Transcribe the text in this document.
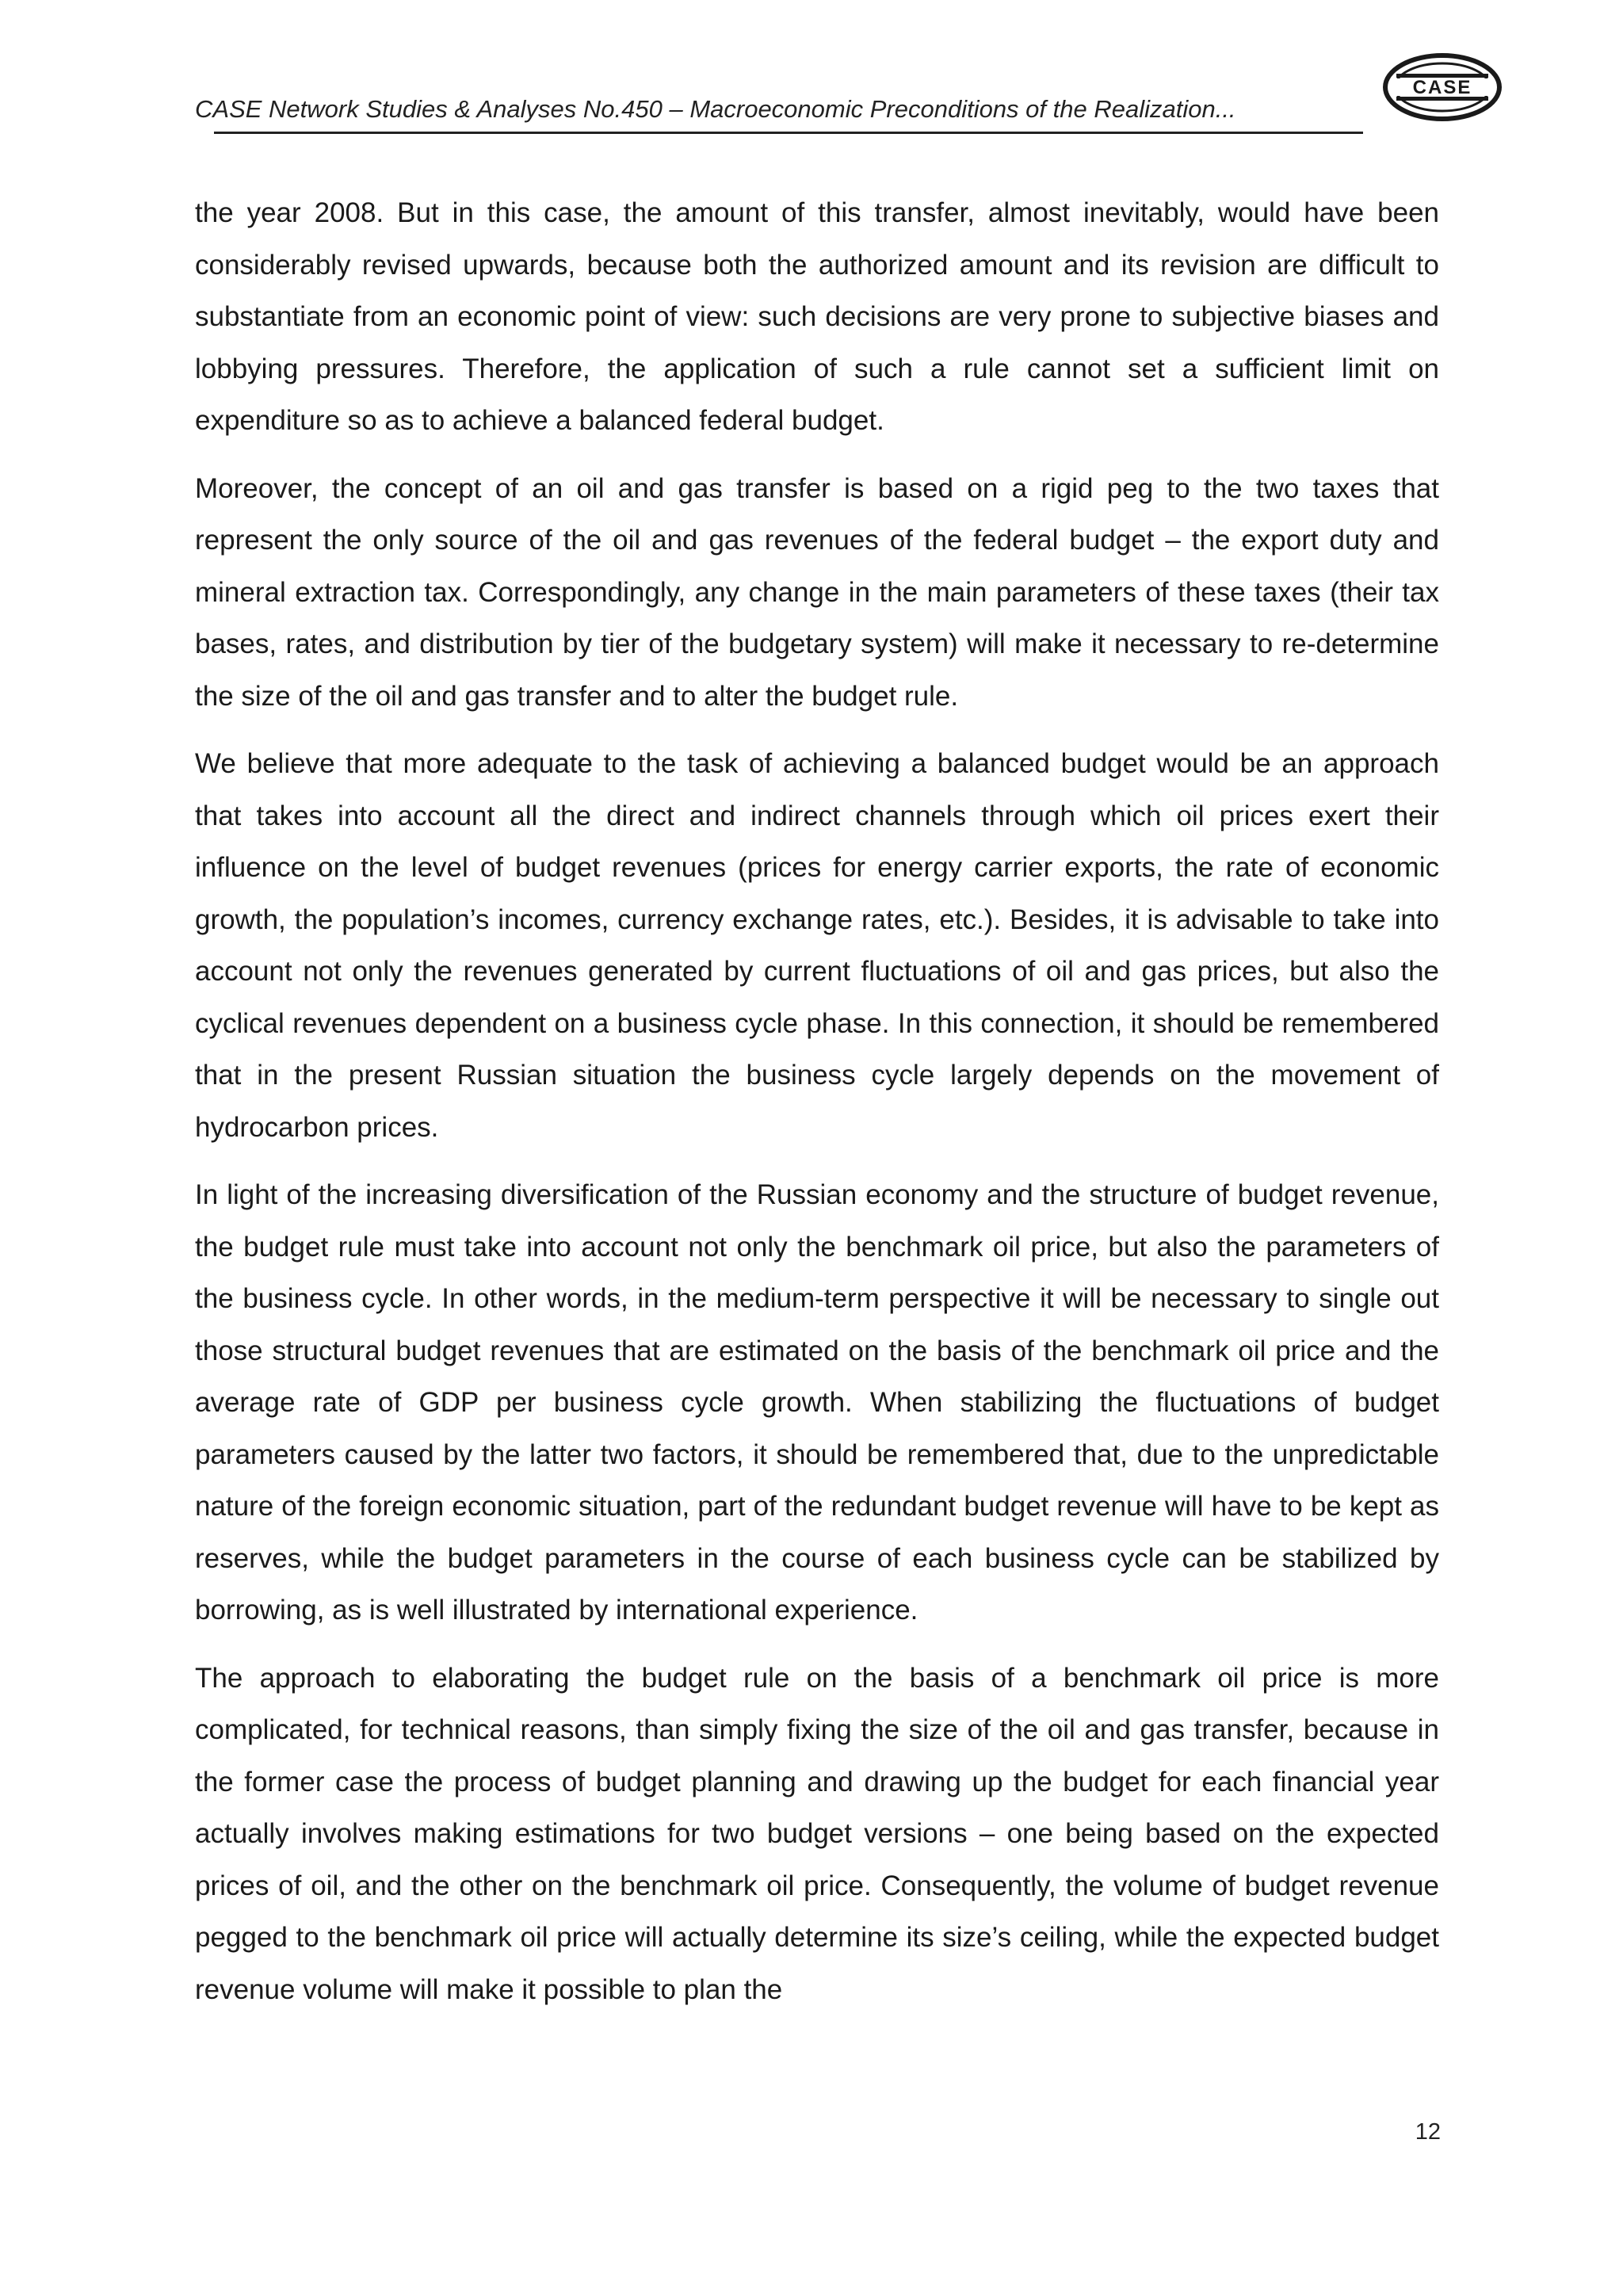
CASE Network Studies & Analyses No.450 – Macroeconomic Preconditions of the Realization...
CASE

the year 2008. But in this case, the amount of this transfer, almost inevitably, would have been considerably revised upwards, because both the authorized amount and its revision are difficult to substantiate from an economic point of view: such decisions are very prone to subjective biases and lobbying pressures. Therefore, the application of such a rule cannot set a sufficient limit on expenditure so as to achieve a balanced federal budget.

Moreover, the concept of an oil and gas transfer is based on a rigid peg to the two taxes that represent the only source of the oil and gas revenues of the federal budget – the export duty and mineral extraction tax. Correspondingly, any change in the main parameters of these taxes (their tax bases, rates, and distribution by tier of the budgetary system) will make it necessary to re-determine the size of the oil and gas transfer and to alter the budget rule.

We believe that more adequate to the task of achieving a balanced budget would be an approach that takes into account all the direct and indirect channels through which oil prices exert their influence on the level of budget revenues (prices for energy carrier exports, the rate of economic growth, the population’s incomes, currency exchange rates, etc.). Besides, it is advisable to take into account not only the revenues generated by current fluctuations of oil and gas prices, but also the cyclical revenues dependent on a business cycle phase. In this connection, it should be remembered that in the present Russian situation the business cycle largely depends on the movement of hydrocarbon prices.

In light of the increasing diversification of the Russian economy and the structure of budget revenue, the budget rule must take into account not only the benchmark oil price, but also the parameters of the business cycle. In other words, in the medium-term perspective it will be necessary to single out those structural budget revenues that are estimated on the basis of the benchmark oil price and the average rate of GDP per business cycle growth. When stabilizing the fluctuations of budget parameters caused by the latter two factors, it should be remembered that, due to the unpredictable nature of the foreign economic situation, part of the redundant budget revenue will have to be kept as reserves, while the budget parameters in the course of each business cycle can be stabilized by borrowing, as is well illustrated by international experience.

The approach to elaborating the budget rule on the basis of a benchmark oil price is more complicated, for technical reasons, than simply fixing the size of the oil and gas transfer, because in the former case the process of budget planning and drawing up the budget for each financial year actually involves making estimations for two budget versions – one being based on the expected prices of oil, and the other on the benchmark oil price. Consequently, the volume of budget revenue pegged to the benchmark oil price will actually determine its size’s ceiling, while the expected budget revenue volume will make it possible to plan the

12
